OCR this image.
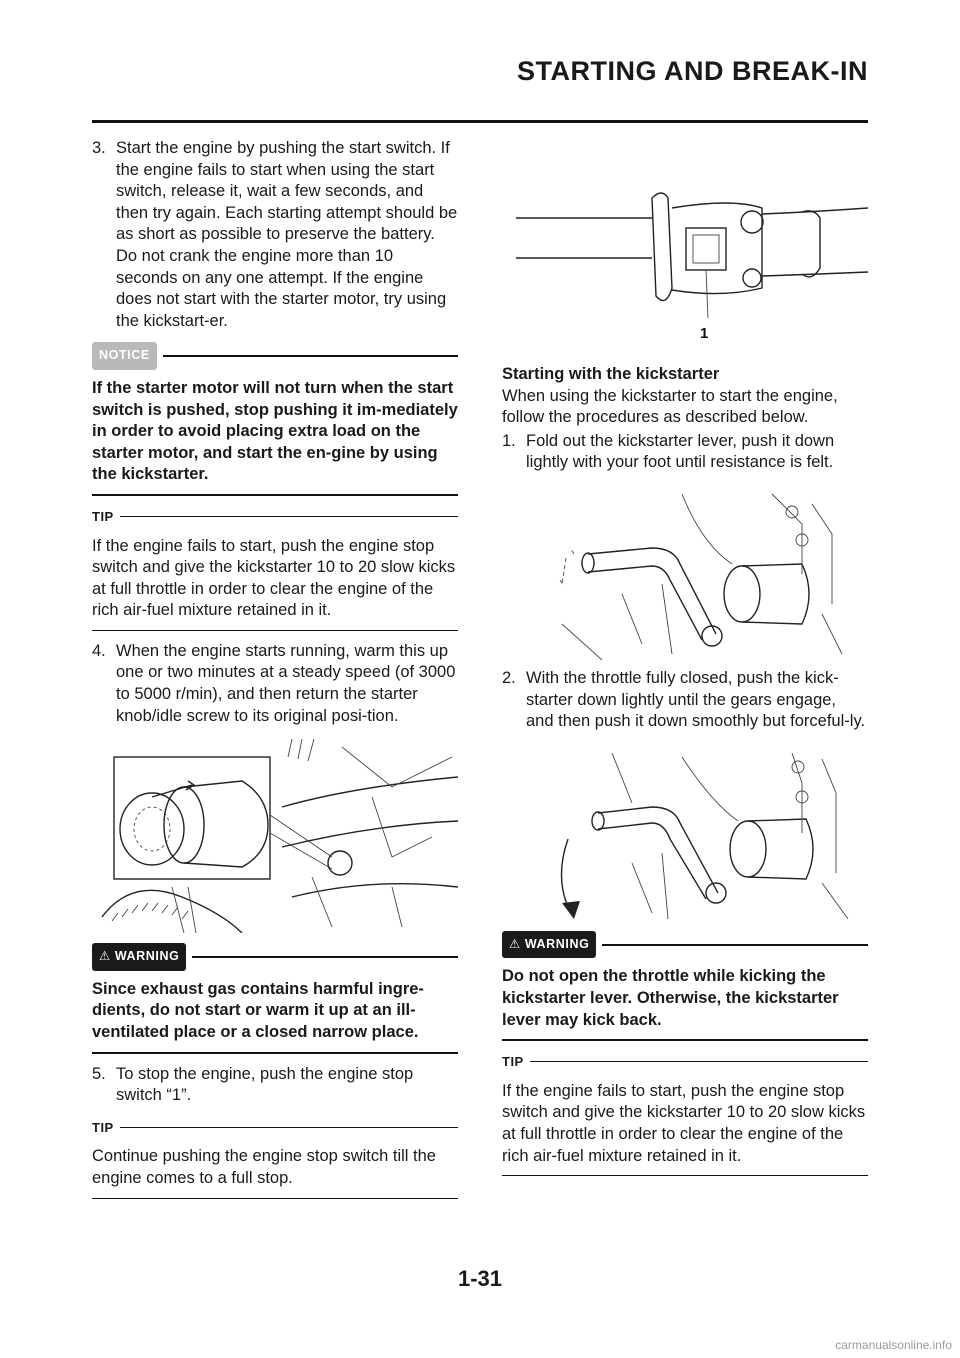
STARTING AND BREAK-IN

3. Start the engine by pushing the start switch. If the engine fails to start when using the start switch, release it, wait a few seconds, and then try again. Each starting attempt should be as short as possible to preserve the battery. Do not crank the engine more than 10 seconds on any one attempt. If the engine does not start with the starter motor, try using the kickstart-er.

NOTICE

If the starter motor will not turn when the start switch is pushed, stop pushing it im-mediately in order to avoid placing extra load on the starter motor, and start the en-gine by using the kickstarter.

TIP

If the engine fails to start, push the engine stop switch and give the kickstarter 10 to 20 slow kicks at full throttle in order to clear the engine of the rich air-fuel mixture retained in it.

4. When the engine starts running, warm this up one or two minutes at a steady speed (of 3000 to 5000 r/min), and then return the starter knob/idle screw to its original posi-tion.

⚠ WARNING

Since exhaust gas contains harmful ingre-dients, do not start or warm it up at an ill-ventilated place or a closed narrow place.

5. To stop the engine, push the engine stop switch “1”.

TIP

Continue pushing the engine stop switch till the engine comes to a full stop.

1

Starting with the kickstarter

When using the kickstarter to start the engine, follow the procedures as described below.

1. Fold out the kickstarter lever, push it down lightly with your foot until resistance is felt.

2. With the throttle fully closed, push the kick-starter down lightly until the gears engage, and then push it down smoothly but forceful-ly.

⚠ WARNING

Do not open the throttle while kicking the kickstarter lever. Otherwise, the kickstarter lever may kick back.

TIP

If the engine fails to start, push the engine stop switch and give the kickstarter 10 to 20 slow kicks at full throttle in order to clear the engine of the rich air-fuel mixture retained in it.

1-31
carmanualsonline.info
